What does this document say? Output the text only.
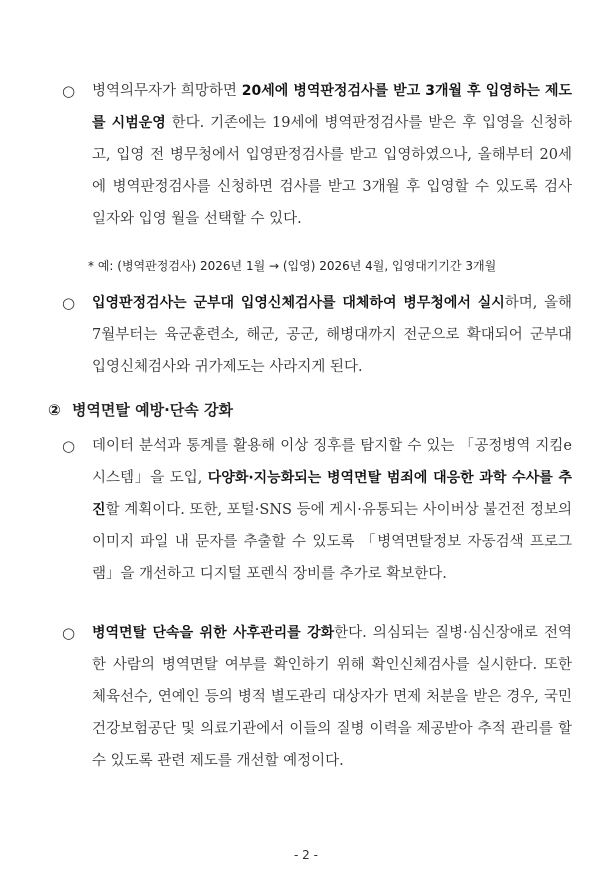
○ 병역의무자가 희망하면 20세에 병역판정검사를 받고 3개월 후 입영하는 제도를 시범운영 한다. 기존에는 19세에 병역판정검사를 받은 후 입영을 신청하고, 입영 전 병무청에서 입영판정검사를 받고 입영하였으나, 올해부터 20세에 병역판정검사를 신청하면 검사를 받고 3개월 후 입영할 수 있도록 검사 일자와 입영 월을 선택할 수 있다.

* 예: (병역판정검사) 2026년 1월 → (입영) 2026년 4월, 입영대기기간 3개월
○ 입영판정검사는 군부대 입영신체검사를 대체하여 병무청에서 실시하며, 올해 7월부터는 육군훈련소, 해군, 공군, 해병대까지 전군으로 확대되어 군부대 입영신체검사와 귀가제도는 사라지게 된다.

② 병역면탈 예방·단속 강화
○ 데이터 분석과 통계를 활용해 이상 징후를 탐지할 수 있는 「공정병역 지킴e 시스템」을 도입, 다양화·지능화되는 병역면탈 범죄에 대응한 과학 수사를 추진할 계획이다. 또한, 포털·SNS 등에 게시·유통되는 사이버상 불건전 정보의 이미지 파일 내 문자를 추출할 수 있도록 「병역면탈정보 자동검색 프로그램」을 개선하고 디지털 포렌식 장비를 추가로 확보한다.

○ 병역면탈 단속을 위한 사후관리를 강화한다. 의심되는 질병·심신장애로 전역한 사람의 병역면탈 여부를 확인하기 위해 확인신체검사를 실시한다. 또한 체육선수, 연예인 등의 병적 별도관리 대상자가 면제 처분을 받은 경우, 국민건강보험공단 및 의료기관에서 이들의 질병 이력을 제공받아 추적 관리를 할 수 있도록 관련 제도를 개선할 예정이다.

- 2 -
